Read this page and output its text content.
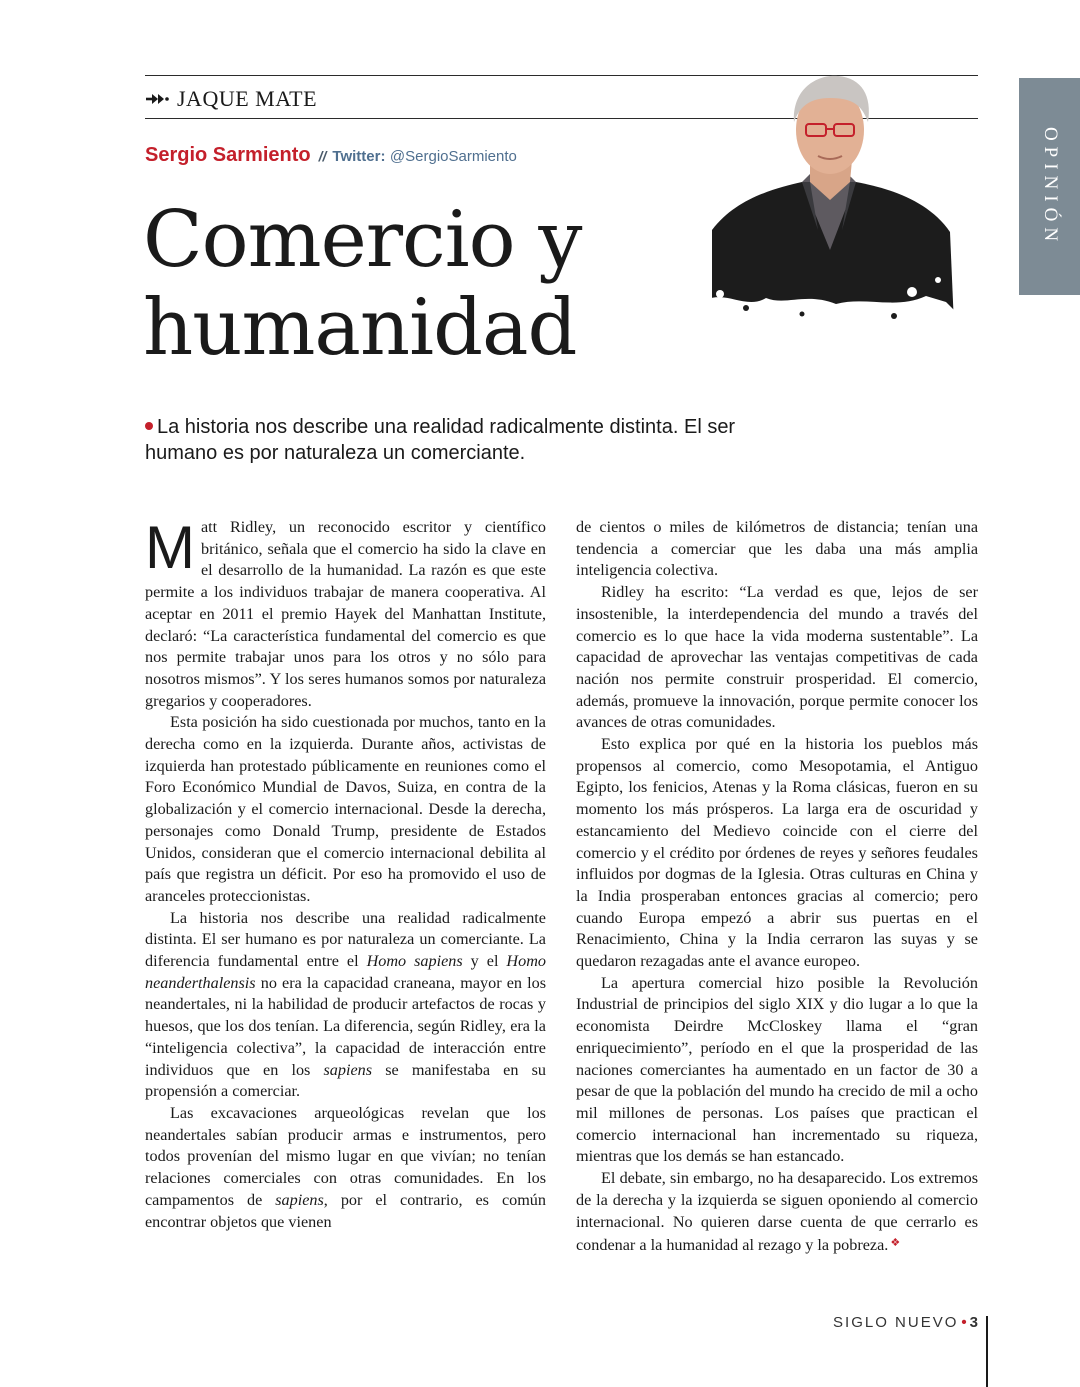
JAQUE MATE
Sergio Sarmiento // Twitter: @SergioSarmiento
Comercio y
humanidad
OPINIÓN
La historia nos describe una realidad radicalmente distinta. El ser humano es por naturaleza un comerciante.

Matt Ridley, un reconocido escritor y científico británico, señala que el comercio ha sido la clave en el desarrollo de la humanidad. La razón es que este permite a los individuos trabajar de manera cooperativa. Al aceptar en 2011 el premio Hayek del Manhattan Institute, declaró: “La característica fundamental del comercio es que nos permite trabajar unos para los otros y no sólo para nosotros mismos”. Y los seres humanos somos por naturaleza gregarios y cooperadores.

Esta posición ha sido cuestionada por muchos, tanto en la derecha como en la izquierda. Durante años, activistas de izquierda han protestado públicamente en reuniones como el Foro Económico Mundial de Davos, Suiza, en contra de la globalización y el comercio internacional. Desde la derecha, personajes como Donald Trump, presidente de Estados Unidos, consideran que el comercio internacional debilita al país que registra un déficit. Por eso ha promovido el uso de aranceles proteccionistas.

La historia nos describe una realidad radicalmente distinta. El ser humano es por naturaleza un comerciante. La diferencia fundamental entre el Homo sapiens y el Homo neanderthalensis no era la capacidad craneana, mayor en los neandertales, ni la habilidad de producir artefactos de rocas y huesos, que los dos tenían. La diferencia, según Ridley, era la “inteligencia colectiva”, la capacidad de interacción entre individuos que en los sapiens se manifestaba en su propensión a comerciar.

Las excavaciones arqueológicas revelan que los neandertales sabían producir armas e instrumentos, pero todos provenían del mismo lugar en que vivían; no tenían relaciones comerciales con otras comunidades. En los campamentos de sapiens, por el contrario, es común encontrar objetos que vienen

de cientos o miles de kilómetros de distancia; tenían una tendencia a comerciar que les daba una más amplia inteligencia colectiva.

Ridley ha escrito: “La verdad es que, lejos de ser insostenible, la interdependencia del mundo a través del comercio es lo que hace la vida moderna sustentable”. La capacidad de aprovechar las ventajas competitivas de cada nación nos permite construir prosperidad. El comercio, además, promueve la innovación, porque permite conocer los avances de otras comunidades.

Esto explica por qué en la historia los pueblos más propensos al comercio, como Mesopotamia, el Antiguo Egipto, los fenicios, Atenas y la Roma clásicas, fueron en su momento los más prósperos. La larga era de oscuridad y estancamiento del Medievo coincide con el cierre del comercio y el crédito por órdenes de reyes y señores feudales influidos por dogmas de la Iglesia. Otras culturas en China y la India prosperaban entonces gracias al comercio; pero cuando Europa empezó a abrir sus puertas en el Renacimiento, China y la India cerraron las suyas y se quedaron rezagadas ante el avance europeo.

La apertura comercial hizo posible la Revolución Industrial de principios del siglo XIX y dio lugar a lo que la economista Deirdre McCloskey llama el “gran enriquecimiento”, período en el que la prosperidad de las naciones comerciantes ha aumentado en un factor de 30 a pesar de que la población del mundo ha crecido de mil a ocho mil millones de personas. Los países que practican el comercio internacional han incrementado su riqueza, mientras que los demás se han estancado.

El debate, sin embargo, no ha desaparecido. Los extremos de la derecha y la izquierda se siguen oponiendo al comercio internacional. No quieren darse cuenta de que cerrarlo es condenar a la humanidad al rezago y la pobreza. ❖

SIGLO NUEVO • 3
